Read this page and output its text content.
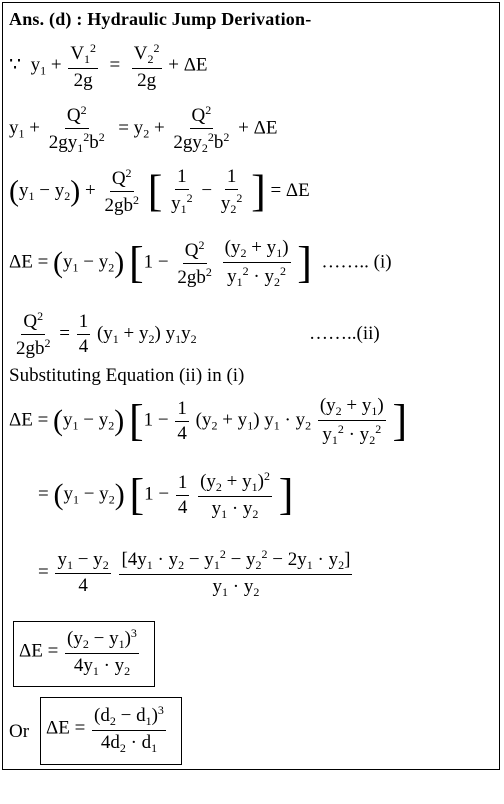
Ans. (d) : Hydraulic Jump Derivation-
∵  $y_1 + \frac{V_1^2}{2g} = \frac{V_2^2}{2g} + \Delta E$
$y_1 + \frac{Q^2}{2gy_1^2b^2} = y_2 + \frac{Q^2}{2gy_2^2b^2} + \Delta E$
$(y_1 - y_2) + \frac{Q^2}{2gb^2}$ [ $\frac{1}{y_1^2} - \frac{1}{y_2^2}$ ] = ΔE
$\Delta E = (y_1 - y_2) [1 - \frac{Q^2}{2gb^2}$
$\frac{(y_2 + y_1)}{y_1^2 \cdot y_2^2}$ ] …….. (i)
$\frac{Q^2}{2gb^2} = \frac{1}{4} (y_1 + y_2)$ $y_1y_2$	……..(ii)
Substituting Equation (ii) in (i)
$\Delta E = (y_1 - y_2) [1 - \frac{1}{4} (y_2 + y_1) y_1 \cdot y_2 \frac{(y_2 + y_1)}{y_1^2 \cdot y_2^2}$ ]
= $(y_1 - y_2) [1 - \frac{1}{4}$
$\frac{(y_2 + y_1)^2}{y_1 \cdot y_2}$ ]
= $\frac{y_1 - y_2}{4}$
$\frac{[4y_1 \cdot y_2 - y_1^2 - y_2^2 - 2y_1 \cdot y_2]}{y_1 \cdot y_2}$
$\Delta E = \frac{(y_2 - y_1)^3}{4y_1 \cdot y_2}$
Or $\Delta E = \frac{(d_2 - d_1)^3}{4d_2 \cdot d_1}$
